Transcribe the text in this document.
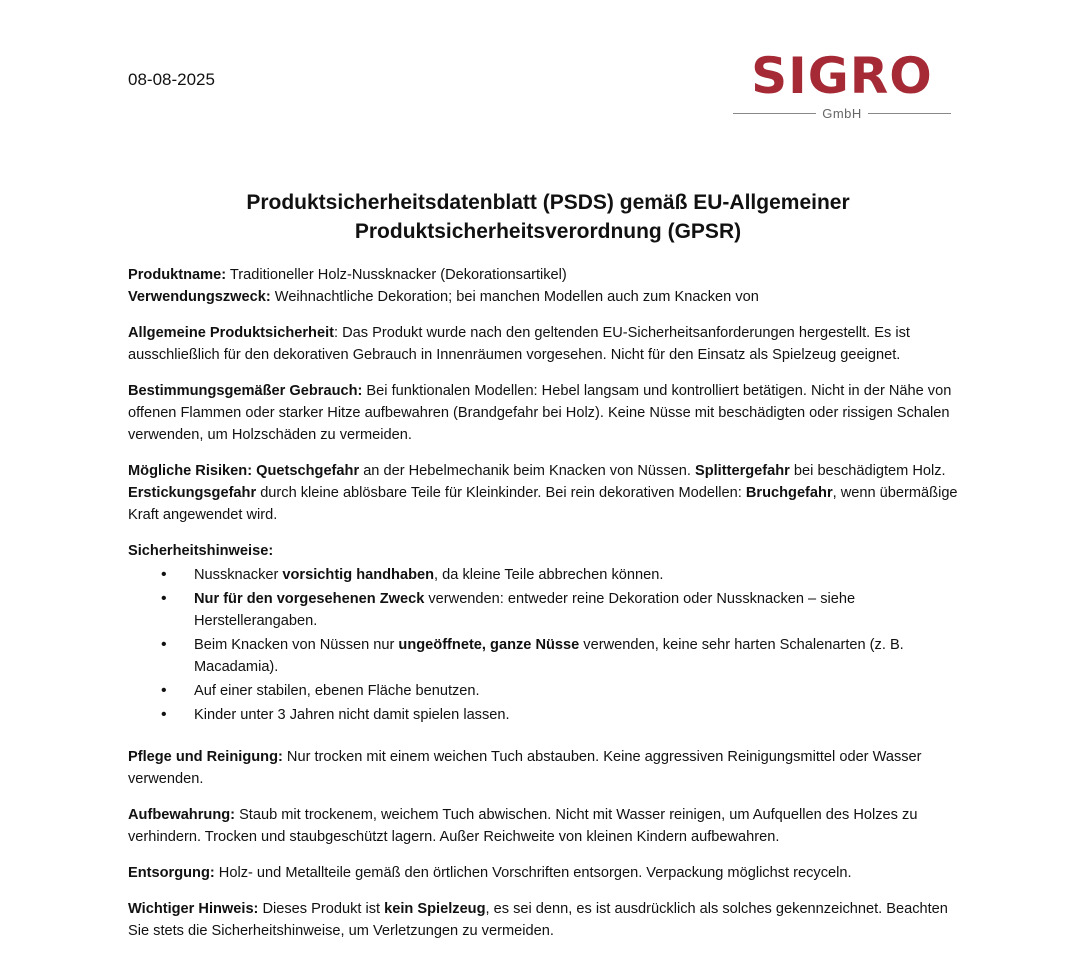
08-08-2025	SIGRO
GmbH
Produktsicherheitsdatenblatt (PSDS) gemäß EU-Allgemeiner
Produktsicherheitsverordnung (GPSR)

Produktname: Traditioneller Holz-Nussknacker (Dekorationsartikel)

Verwendungszweck: Weihnachtliche Dekoration; bei manchen Modellen auch zum Knacken von

Allgemeine Produktsicherheit: Das Produkt wurde nach den geltenden EU-Sicherheitsanforderungen hergestellt. Es ist ausschließlich für den dekorativen Gebrauch in Innenräumen vorgesehen. Nicht für den Einsatz als Spielzeug geeignet.

Bestimmungsgemäßer Gebrauch: Bei funktionalen Modellen: Hebel langsam und kontrolliert betätigen. Nicht in der Nähe von offenen Flammen oder starker Hitze aufbewahren (Brandgefahr bei Holz). Keine Nüsse mit beschädigten oder rissigen Schalen verwenden, um Holzschäden zu vermeiden.

Mögliche Risiken: Quetschgefahr an der Hebelmechanik beim Knacken von Nüssen. Splittergefahr bei beschädigtem Holz. Erstickungsgefahr durch kleine ablösbare Teile für Kleinkinder. Bei rein dekorativen Modellen: Bruchgefahr, wenn übermäßige Kraft angewendet wird.

Sicherheitshinweise:
• Nussknacker vorsichtig handhaben, da kleine Teile abbrechen können.
• Nur für den vorgesehenen Zweck verwenden: entweder reine Dekoration oder Nussknacken – siehe Herstellerangaben.
• Beim Knacken von Nüssen nur ungeöffnete, ganze Nüsse verwenden, keine sehr harten Schalenarten (z. B. Macadamia).
• Auf einer stabilen, ebenen Fläche benutzen.
• Kinder unter 3 Jahren nicht damit spielen lassen.

Pflege und Reinigung: Nur trocken mit einem weichen Tuch abstauben. Keine aggressiven Reinigungsmittel oder Wasser verwenden.

Aufbewahrung: Staub mit trockenem, weichem Tuch abwischen. Nicht mit Wasser reinigen, um Aufquellen des Holzes zu verhindern. Trocken und staubgeschützt lagern. Außer Reichweite von kleinen Kindern aufbewahren.

Entsorgung: Holz- und Metallteile gemäß den örtlichen Vorschriften entsorgen. Verpackung möglichst recyceln.

Wichtiger Hinweis: Dieses Produkt ist kein Spielzeug, es sei denn, es ist ausdrücklich als solches gekennzeichnet. Beachten Sie stets die Sicherheitshinweise, um Verletzungen zu vermeiden.
